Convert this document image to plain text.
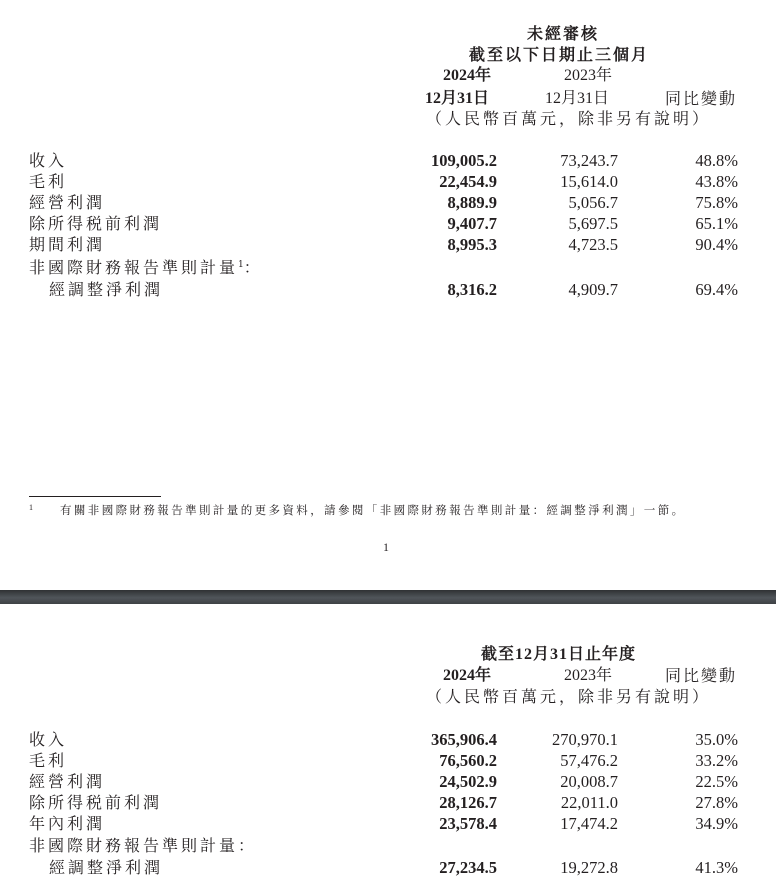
未經審核
截至以下日期止三個月
2024年	2023年
12月31日	12月31日	同比變動
（人民幣百萬元，除非另有說明）
收入	109,005.2	73,243.7	48.8%
毛利	22,454.9	15,614.0	43.8%
經營利潤	8,889.9	5,056.7	75.8%
除所得税前利潤	9,407.7	5,697.5	65.1%
期間利潤	8,995.3	4,723.5	90.4%
非國際財務報告準則計量$^1$：
經調整淨利潤	8,316.2	4,909.7	69.4%
1 有關非國際財務報告準則計量的更多資料，請參閱「非國際財務報告準則計量：經調整淨利潤」一節。
1
截至12月31日止年度
2024年	2023年	同比變動
（人民幣百萬元，除非另有說明）
收入	365,906.4	270,970.1	35.0%
毛利	76,560.2	57,476.2	33.2%
經營利潤	24,502.9	20,008.7	22.5%
除所得税前利潤	28,126.7	22,011.0	27.8%
年內利潤	23,578.4	17,474.2	34.9%
非國際財務報告準則計量：
經調整淨利潤	27,234.5	19,272.8	41.3%
